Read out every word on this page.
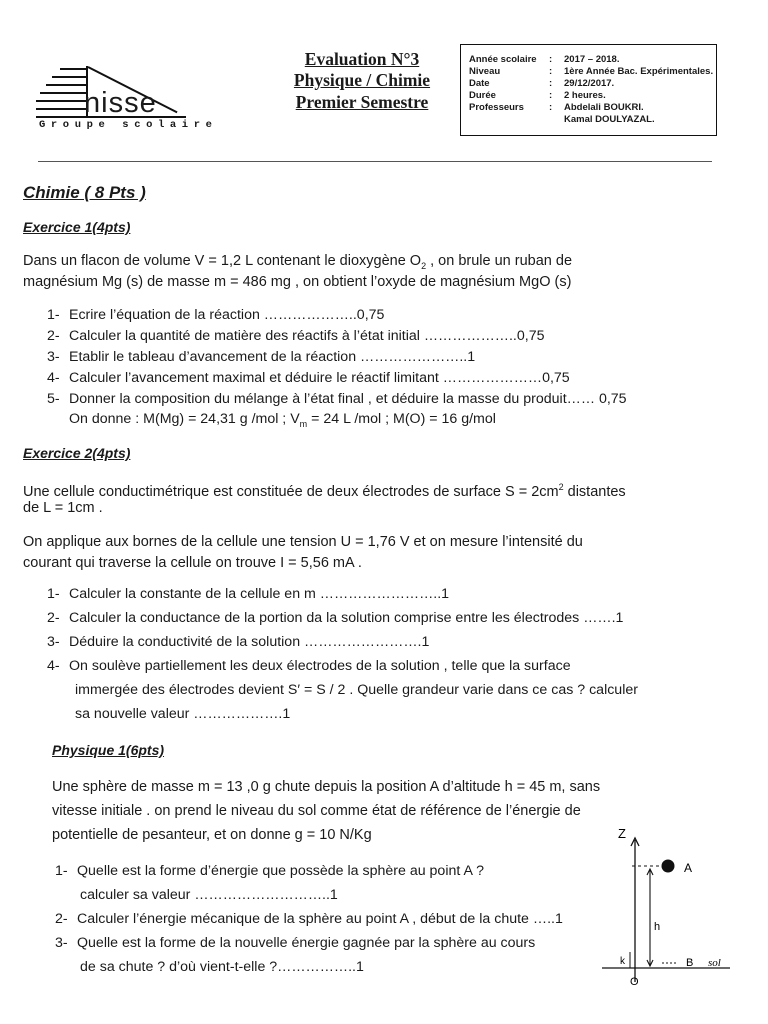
nisse
Groupe scolaire
Evaluation N°3
Physique / Chimie
Premier Semestre
Année scolaire : 2017 – 2018.
Niveau	: 1ère Année Bac. Expérimentales.
Date	: 29/12/2017.
Durée	: 2 heures.
Professeurs	: Abdelali BOUKRI.
Kamal DOULYAZAL.
Chimie ( 8 Pts )
Exercice 1(4pts)
Dans un flacon de volume V = 1,2 L contenant le dioxygène $O_2$ , on brule un ruban de
magnésium Mg (s) de masse m = 486 mg , on obtient l’oxyde de magnésium MgO (s)
1- Ecrire l’équation de la réaction ………………..0,75
2- Calculer la quantité de matière des réactifs à l’état initial ………………..0,75
3- Etablir le tableau d’avancement de la réaction …………………..1
4- Calculer l’avancement maximal et déduire le réactif limitant …………………0,75
5- Donner la composition du mélange à l’état final , et déduire la masse du produit…… 0,75
On donne : M(Mg) = 24,31 g /mol ; $V_m = 24$ L /mol ; M(O) = 16 g/mol
Exercice 2(4pts)
Une cellule conductimétrique est constituée de deux électrodes de surface $S = 2cm^2$ distantes
de L = 1cm .
On applique aux bornes de la cellule une tension U = 1,76 V et on mesure l’intensité du
courant qui traverse la cellule on trouve I = 5,56 mA .
1- Calculer la constante de la cellule en m ……………………..1
2- Calculer la conductance de la portion da la solution comprise entre les électrodes …….1
3- Déduire la conductivité de la solution …………………….1
4- On soulève partiellement les deux électrodes de la solution , telle que la surface
immergée des électrodes devient S′ = S / 2 . Quelle grandeur varie dans ce cas ? calculer
sa nouvelle valeur ……………….1
Physique 1(6pts)
Une sphère de masse m = 13 ,0 g chute depuis la position A d’altitude h = 45 m, sans
vitesse initiale . on prend le niveau du sol comme état de référence de l’énergie de
potentielle de pesanteur, et on donne g = 10 N/Kg
1- Quelle est la forme d’énergie que possède la sphère au point A ?
calculer sa valeur ………………………..1
2- Calculer l’énergie mécanique de la sphère au point A , début de la chute …..1
3- Quelle est la forme de la nouvelle énergie gagnée par la sphère au cours
de sa chute ? d’où vient-t-elle ?……………..1
Z
A
h
k
O
B sol
